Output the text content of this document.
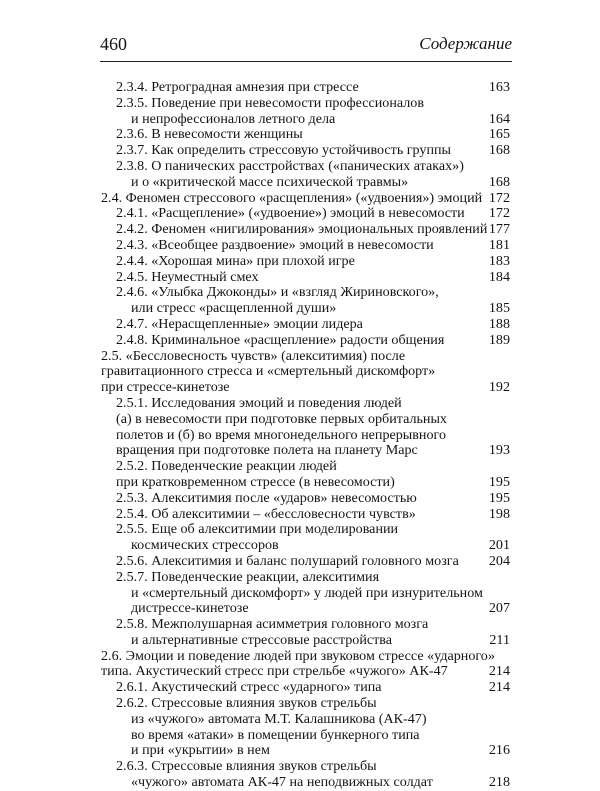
460	Содержание
2.3.4. Ретроградная амнезия при стрессе	163
2.3.5. Поведение при невесомости профессионалов
и непрофессионалов летного дела	164
2.3.6. В невесомости женщины	165
2.3.7. Как определить стрессовую устойчивость группы	168
2.3.8. О панических расстройствах («панических атаках»)
и о «критической массе психической травмы»	168
2.4. Феномен стрессового «расщепления» («удвоения») эмоций 172
2.4.1. «Расщепление» («удвоение») эмоций в невесомости 172
2.4.2. Феномен «нигилирования» эмоциональных проявлений 177
2.4.3. «Всеобщее раздвоение» эмоций в невесомости	181
2.4.4. «Хорошая мина» при плохой игре	183
2.4.5. Неуместный смех	184
2.4.6. «Улыбка Джоконды» и «взгляд Жириновского»,
или стресс «расщепленной души»	185
2.4.7. «Нерасщепленные» эмоции лидера	188
2.4.8. Криминальное «расщепление» радости общения	189
2.5. «Бессловесность чувств» (алекситимия) после
гравитационного стресса и «смертельный дискомфорт»
при стрессе-кинетозе	192
2.5.1. Исследования эмоций и поведения людей
(а) в невесомости при подготовке первых орбитальных
полетов и (б) во время многонедельного непрерывного
вращения при подготовке полета на планету Марс	193
2.5.2. Поведенческие реакции людей
при кратковременном стрессе (в невесомости)	195
2.5.3. Алекситимия после «ударов» невесомостью	195
2.5.4. Об алекситимии – «бессловесности чувств»	198
2.5.5. Еще об алекситимии при моделировании
космических стрессоров	201
2.5.6. Алекситимия и баланс полушарий головного мозга 204
2.5.7. Поведенческие реакции, алекситимия
и «смертельный дискомфорт» у людей при изнурительном
дистрессе-кинетозе	207
2.5.8. Межполушарная асимметрия головного мозга
и альтернативные стрессовые расстройства	211
2.6. Эмоции и поведение людей при звуковом стрессе «ударного»
типа. Акустический стресс при стрельбе «чужого» АК-47	214
2.6.1. Акустический стресс «ударного» типа	214
2.6.2. Стрессовые влияния звуков стрельбы
из «чужого» автомата М.Т. Калашникова (АК-47)
во время «атаки» в помещении бункерного типа
и при «укрытии» в нем	216
2.6.3. Стрессовые влияния звуков стрельбы
«чужого» автомата АК-47 на неподвижных солдат	218
